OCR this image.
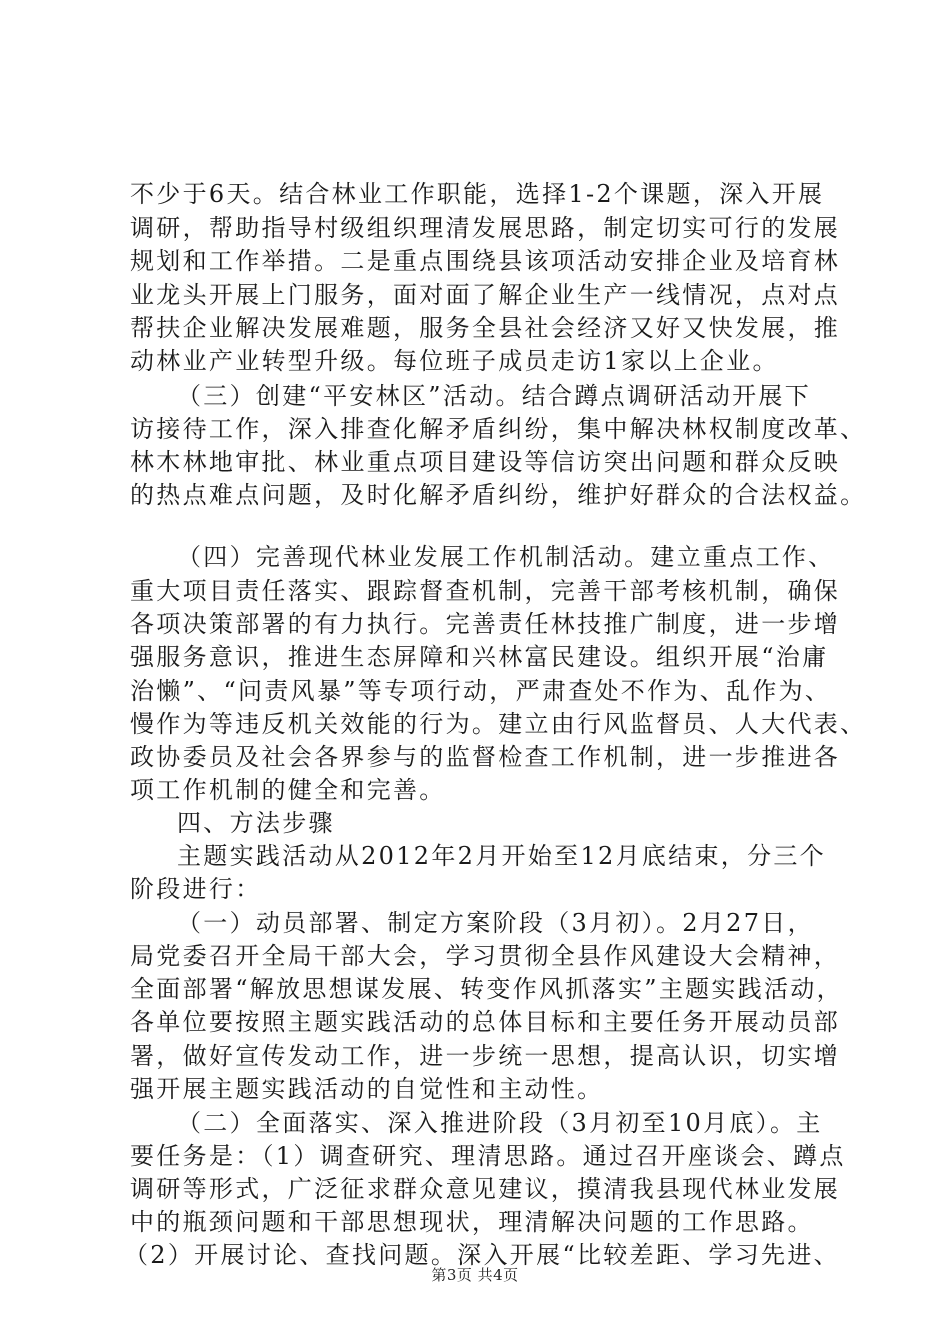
不少于6天。结合林业工作职能，选择1-2个课题，深入开展
调研，帮助指导村级组织理清发展思路，制定切实可行的发展
规划和工作举措。二是重点围绕县该项活动安排企业及培育林
业龙头开展上门服务，面对面了解企业生产一线情况，点对点
帮扶企业解决发展难题，服务全县社会经济又好又快发展，推
动林业产业转型升级。每位班子成员走访1家以上企业。
（三）创建“平安林区”活动。结合蹲点调研活动开展下
访接待工作，深入排查化解矛盾纠纷，集中解决林权制度改革、
林木林地审批、林业重点项目建设等信访突出问题和群众反映
的热点难点问题，及时化解矛盾纠纷，维护好群众的合法权益。
（四）完善现代林业发展工作机制活动。建立重点工作、
重大项目责任落实、跟踪督查机制，完善干部考核机制，确保
各项决策部署的有力执行。完善责任林技推广制度，进一步增
强服务意识，推进生态屏障和兴林富民建设。组织开展“治庸
治懒”、“问责风暴”等专项行动，严肃查处不作为、乱作为、
慢作为等违反机关效能的行为。建立由行风监督员、人大代表、
政协委员及社会各界参与的监督检查工作机制，进一步推进各
项工作机制的健全和完善。
四、方法步骤
主题实践活动从2012年2月开始至12月底结束，分三个
阶段进行：
（一）动员部署、制定方案阶段（3月初）。2月27日，
局党委召开全局干部大会，学习贯彻全县作风建设大会精神，
全面部署“解放思想谋发展、转变作风抓落实”主题实践活动，
各单位要按照主题实践活动的总体目标和主要任务开展动员部
署，做好宣传发动工作，进一步统一思想，提高认识，切实增
强开展主题实践活动的自觉性和主动性。
（二）全面落实、深入推进阶段（3月初至10月底）。主
要任务是：（1）调查研究、理清思路。通过召开座谈会、蹲点
调研等形式，广泛征求群众意见建议，摸清我县现代林业发展
中的瓶颈问题和干部思想现状，理清解决问题的工作思路。
（2）开展讨论、查找问题。深入开展“比较差距、学习先进、
第3页 共4页
